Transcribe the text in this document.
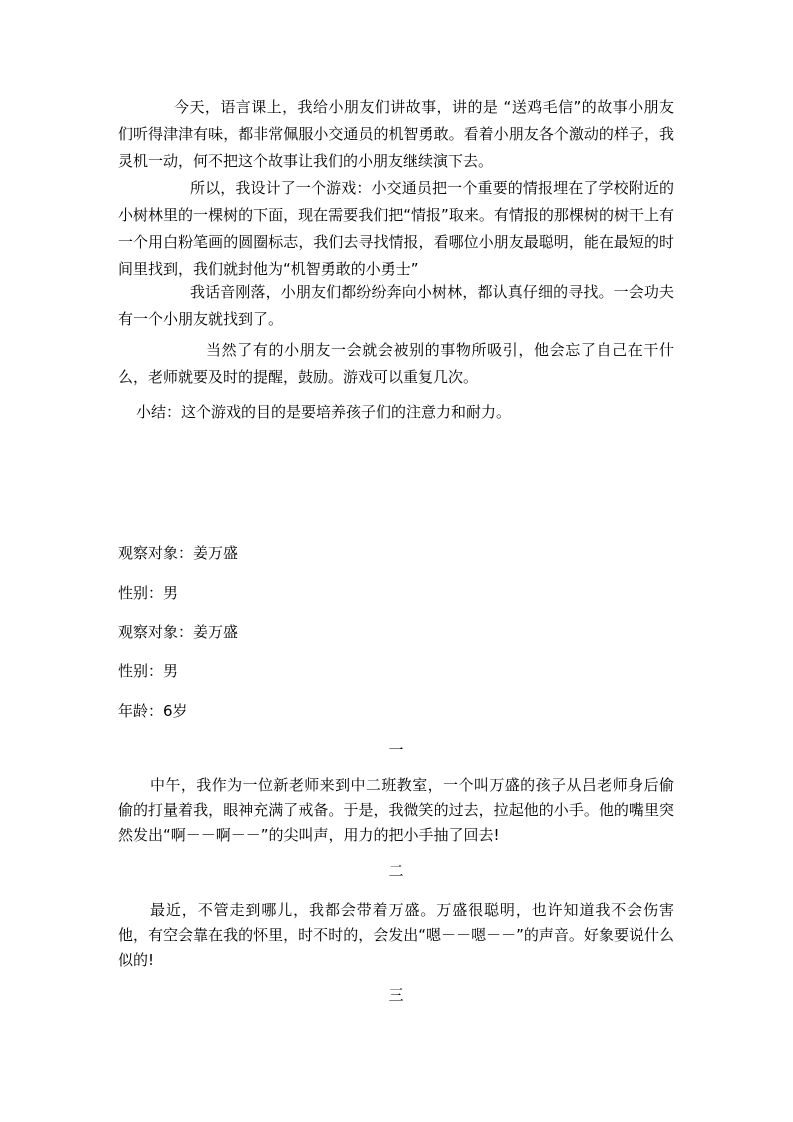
今天，语言课上，我给小朋友们讲故事，讲的是 “送鸡毛信”的故事小朋友们听得津津有味，都非常佩服小交通员的机智勇敢。看着小朋友各个激动的样子，我灵机一动，何不把这个故事让我们的小朋友继续演下去。

所以，我设计了一个游戏：小交通员把一个重要的情报埋在了学校附近的小树林里的一棵树的下面，现在需要我们把“情报”取来。有情报的那棵树的树干上有一个用白粉笔画的圆圈标志，我们去寻找情报，看哪位小朋友最聪明，能在最短的时间里找到，我们就封他为“机智勇敢的小勇士”

我话音刚落，小朋友们都纷纷奔向小树林，都认真仔细的寻找。一会功夫有一个小朋友就找到了。

当然了有的小朋友一会就会被别的事物所吸引，他会忘了自己在干什么，老师就要及时的提醒，鼓励。游戏可以重复几次。

小结：这个游戏的目的是要培养孩子们的注意力和耐力。

观察对象：姜万盛

性别：男

观察对象：姜万盛

性别：男

年龄：6岁

一

中午，我作为一位新老师来到中二班教室，一个叫万盛的孩子从吕老师身后偷偷的打量着我，眼神充满了戒备。于是，我微笑的过去，拉起他的小手。他的嘴里突然发出“啊－－啊－－”的尖叫声，用力的把小手抽了回去!

二

最近，不管走到哪儿，我都会带着万盛。万盛很聪明，也许知道我不会伤害他，有空会靠在我的怀里，时不时的，会发出“嗯－－嗯－－”的声音。好象要说什么似的!

三
